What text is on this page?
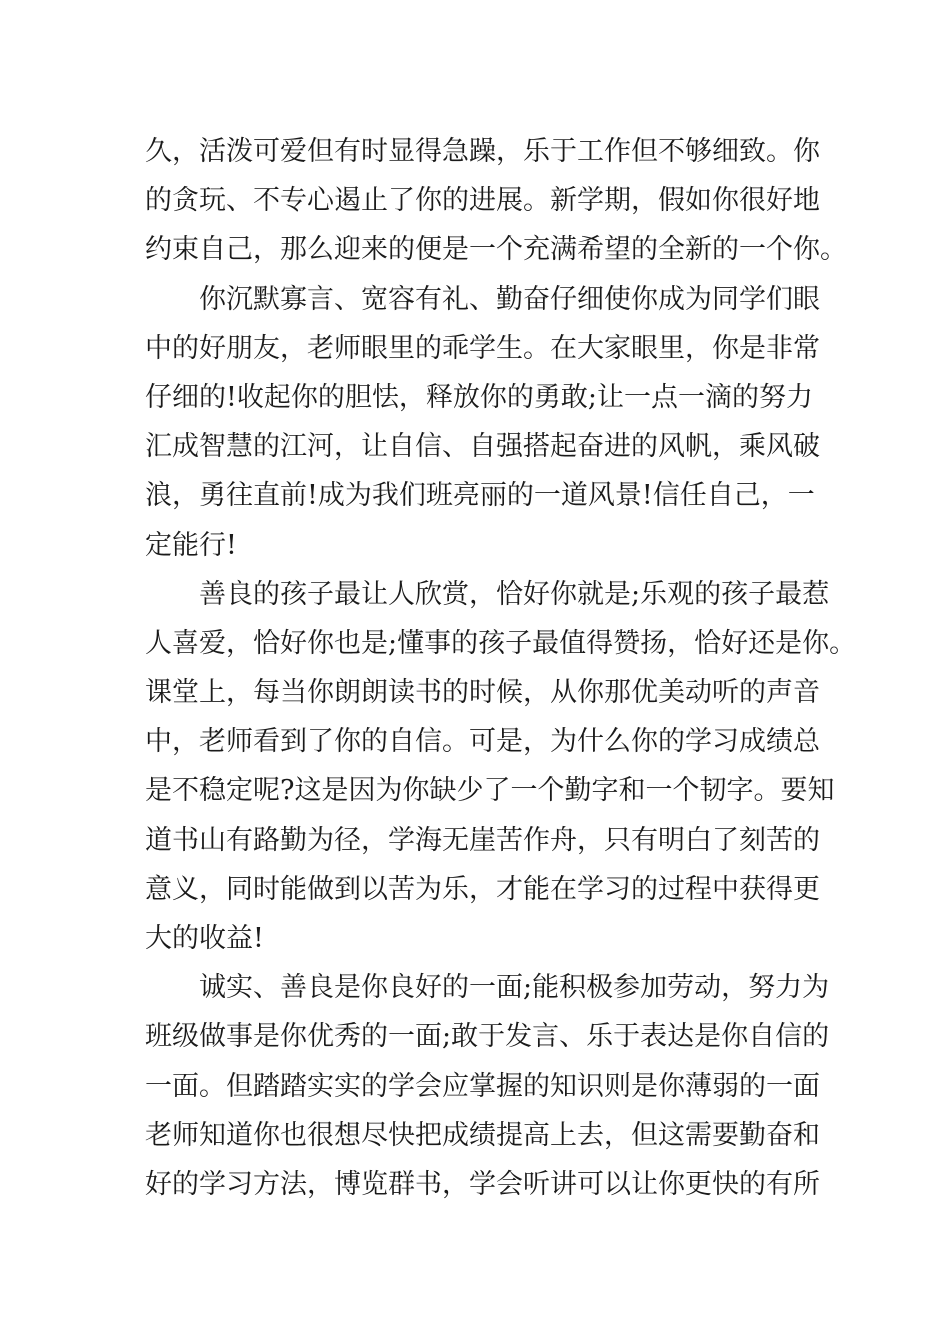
久，活泼可爱但有时显得急躁，乐于工作但不够细致。你
的贪玩、不专心遏止了你的进展。新学期，假如你很好地
约束自己，那么迎来的便是一个充满希望的全新的一个你。
你沉默寡言、宽容有礼、勤奋仔细使你成为同学们眼
中的好朋友，老师眼里的乖学生。在大家眼里，你是非常
仔细的!收起你的胆怯，释放你的勇敢;让一点一滴的努力
汇成智慧的江河，让自信、自强搭起奋进的风帆，乘风破
浪，勇往直前!成为我们班亮丽的一道风景!信任自己，一
定能行!
善良的孩子最让人欣赏，恰好你就是;乐观的孩子最惹
人喜爱，恰好你也是;懂事的孩子最值得赞扬，恰好还是你。
课堂上，每当你朗朗读书的时候，从你那优美动听的声音
中，老师看到了你的自信。可是，为什么你的学习成绩总
是不稳定呢?这是因为你缺少了一个勤字和一个韧字。要知
道书山有路勤为径，学海无崖苦作舟，只有明白了刻苦的
意义，同时能做到以苦为乐，才能在学习的过程中获得更
大的收益!
诚实、善良是你良好的一面;能积极参加劳动，努力为
班级做事是你优秀的一面;敢于发言、乐于表达是你自信的
一面。但踏踏实实的学会应掌握的知识则是你薄弱的一面
老师知道你也很想尽快把成绩提高上去，但这需要勤奋和
好的学习方法，博览群书，学会听讲可以让你更快的有所
